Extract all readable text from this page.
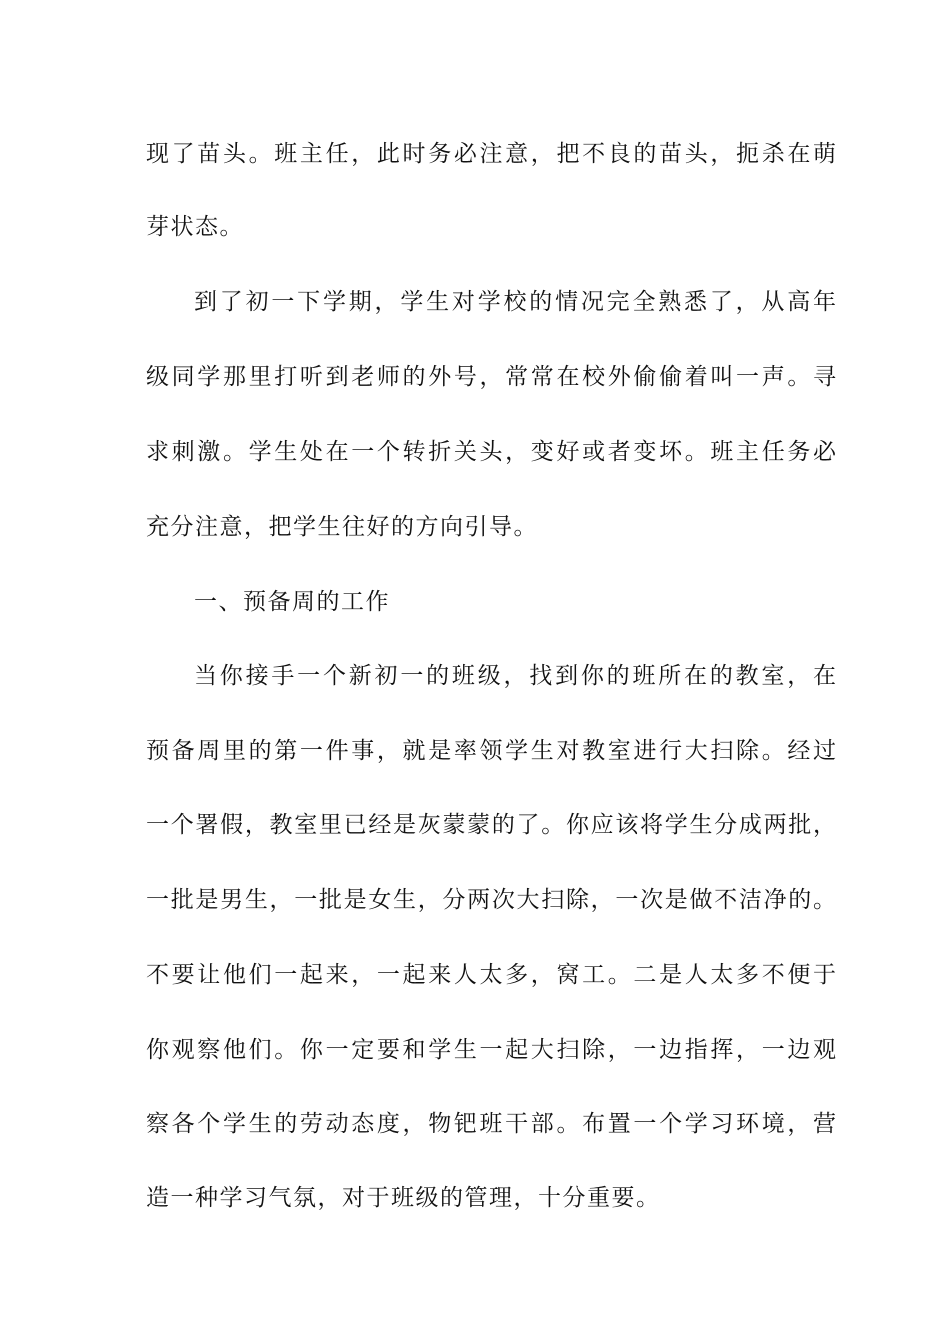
现了苗头。班主任，此时务必注意，把不良的苗头，扼杀在萌

芽状态。

到了初一下学期，学生对学校的情况完全熟悉了，从高年

级同学那里打听到老师的外号，常常在校外偷偷着叫一声。寻

求刺激。学生处在一个转折关头，变好或者变坏。班主任务必

充分注意，把学生往好的方向引导。

一、预备周的工作

当你接手一个新初一的班级，找到你的班所在的教室，在

预备周里的第一件事，就是率领学生对教室进行大扫除。经过

一个署假，教室里已经是灰蒙蒙的了。你应该将学生分成两批，

一批是男生，一批是女生，分两次大扫除，一次是做不洁净的。

不要让他们一起来，一起来人太多，窝工。二是人太多不便于

你观察他们。你一定要和学生一起大扫除，一边指挥，一边观

察各个学生的劳动态度，物钯班干部。布置一个学习环境，营

造一种学习气氛，对于班级的管理，十分重要。
